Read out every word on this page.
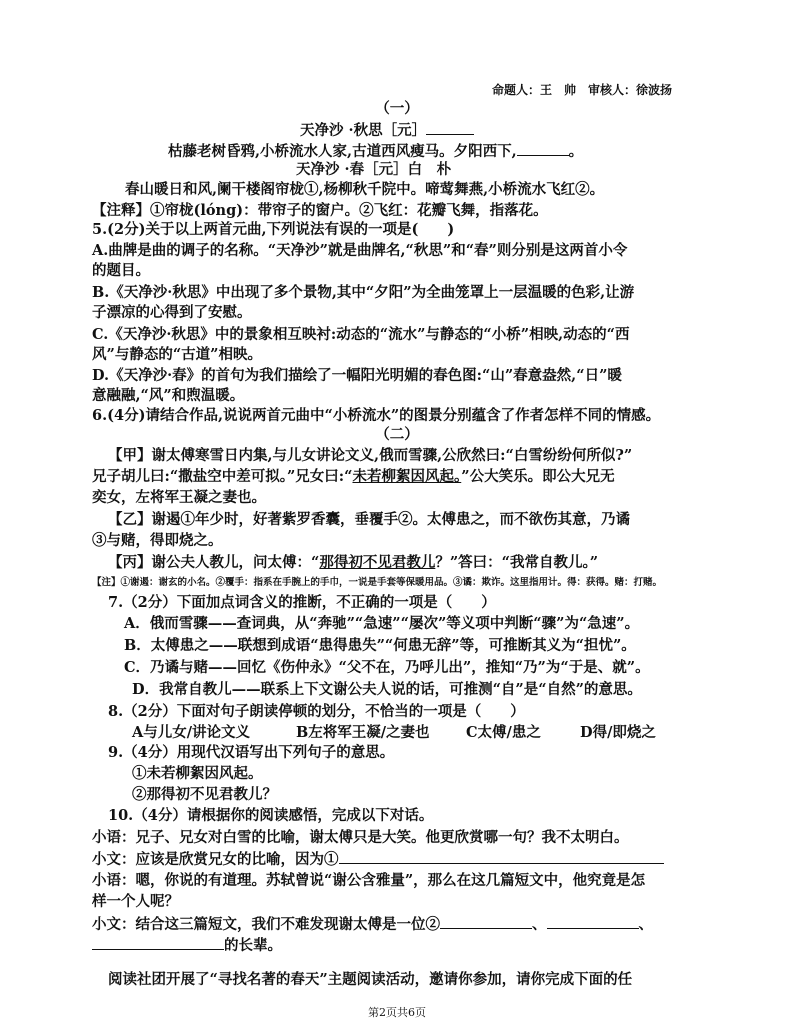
命题人：王　帅　审核人：徐波扬
（一）
天净沙 ·秋思［元］
枯藤老树昏鸦,小桥流水人家,古道西风瘦马。夕阳西下,	。
天净沙 ·春［元］白　朴
春山暖日和风,阑干楼阁帘栊①,杨柳秋千院中。啼莺舞燕,小桥流水飞红②。
【注释】①帘栊(lóng)：带帘子的窗户。②飞红：花瓣飞舞，指落花。
5.(2分)关于以上两首元曲,下列说法有误的一项是(　　)
A.曲牌是曲的调子的名称。“天净沙”就是曲牌名,“秋思”和“春”则分别是这两首小令
的题目。
B.《天净沙·秋思》中出现了多个景物,其中“夕阳”为全曲笼罩上一层温暖的色彩,让游
子漂凉的心得到了安慰。
C.《天净沙·秋思》中的景象相互映衬:动态的“流水”与静态的“小桥”相映,动态的“西
风”与静态的“古道”相映。
D.《天净沙·春》的首句为我们描绘了一幅阳光明媚的春色图:“山”春意盎然,“日”暖
意融融,“风”和煦温暖。
6.(4分)请结合作品,说说两首元曲中“小桥流水”的图景分别蕴含了作者怎样不同的情感。
（二）
【甲】谢太傅寒雪日内集,与儿女讲论文义,俄而雪骤,公欣然曰:“白雪纷纷何所似?”
兄子胡儿曰:“撒盐空中差可拟。”兄女曰:“未若柳絮因风起。”公大笑乐。即公大兄无
奕女，左将军王凝之妻也。
【乙】谢遏①年少时，好著紫罗香囊，垂覆手②。太傅患之，而不欲伤其意，乃谲
③与赌，得即烧之。
【丙】谢公夫人教儿，问太傅：“那得初不见君教儿？”答曰：“我常自教儿。”
【注】①谢遏：谢玄的小名。②覆手：指系在手腕上的手巾，一说是手套等保暖用品。③谲：欺诈。这里指用计。得：获得。赌：打赌。
7.（2分）下面加点词含义的推断，不正确的一项是（　　）
A．俄而雪骤——查词典，从“奔驰”“急速”“屡次”等义项中判断“骤”为“急速”。
B．太傅患之——联想到成语“患得患失”“何患无辞”等，可推断其义为“担忧”。
C．乃谲与赌——回忆《伤仲永》“父不在，乃呼儿出”，推知“乃”为“于是、就”。
D．我常自教儿——联系上下文谢公夫人说的话，可推测“自”是“自然”的意思。
8.（2分）下面对句子朗读停顿的划分，不恰当的一项是（　　）
A与儿女/讲论文义	B左将军王凝/之妻也	C太傅/患之	D得/即烧之
9.（4分）用现代汉语写出下列句子的意思。
①未若柳絮因风起。
②那得初不见君教儿？
10.（4分）请根据你的阅读感悟，完成以下对话。
小语：兄子、兄女对白雪的比喻，谢太傅只是大笑。他更欣赏哪一句？我不太明白。
小文：应该是欣赏兄女的比喻，因为①
小语：嗯，你说的有道理。苏轼曾说“谢公含雅量”，那么在这几篇短文中，他究竟是怎
样一个人呢？
小文：结合这三篇短文，我们不难发现谢太傅是一位②	、	、
的长辈。
阅读社团开展了“寻找名著的春天”主题阅读活动，邀请你参加，请你完成下面的任
第2页共6页
